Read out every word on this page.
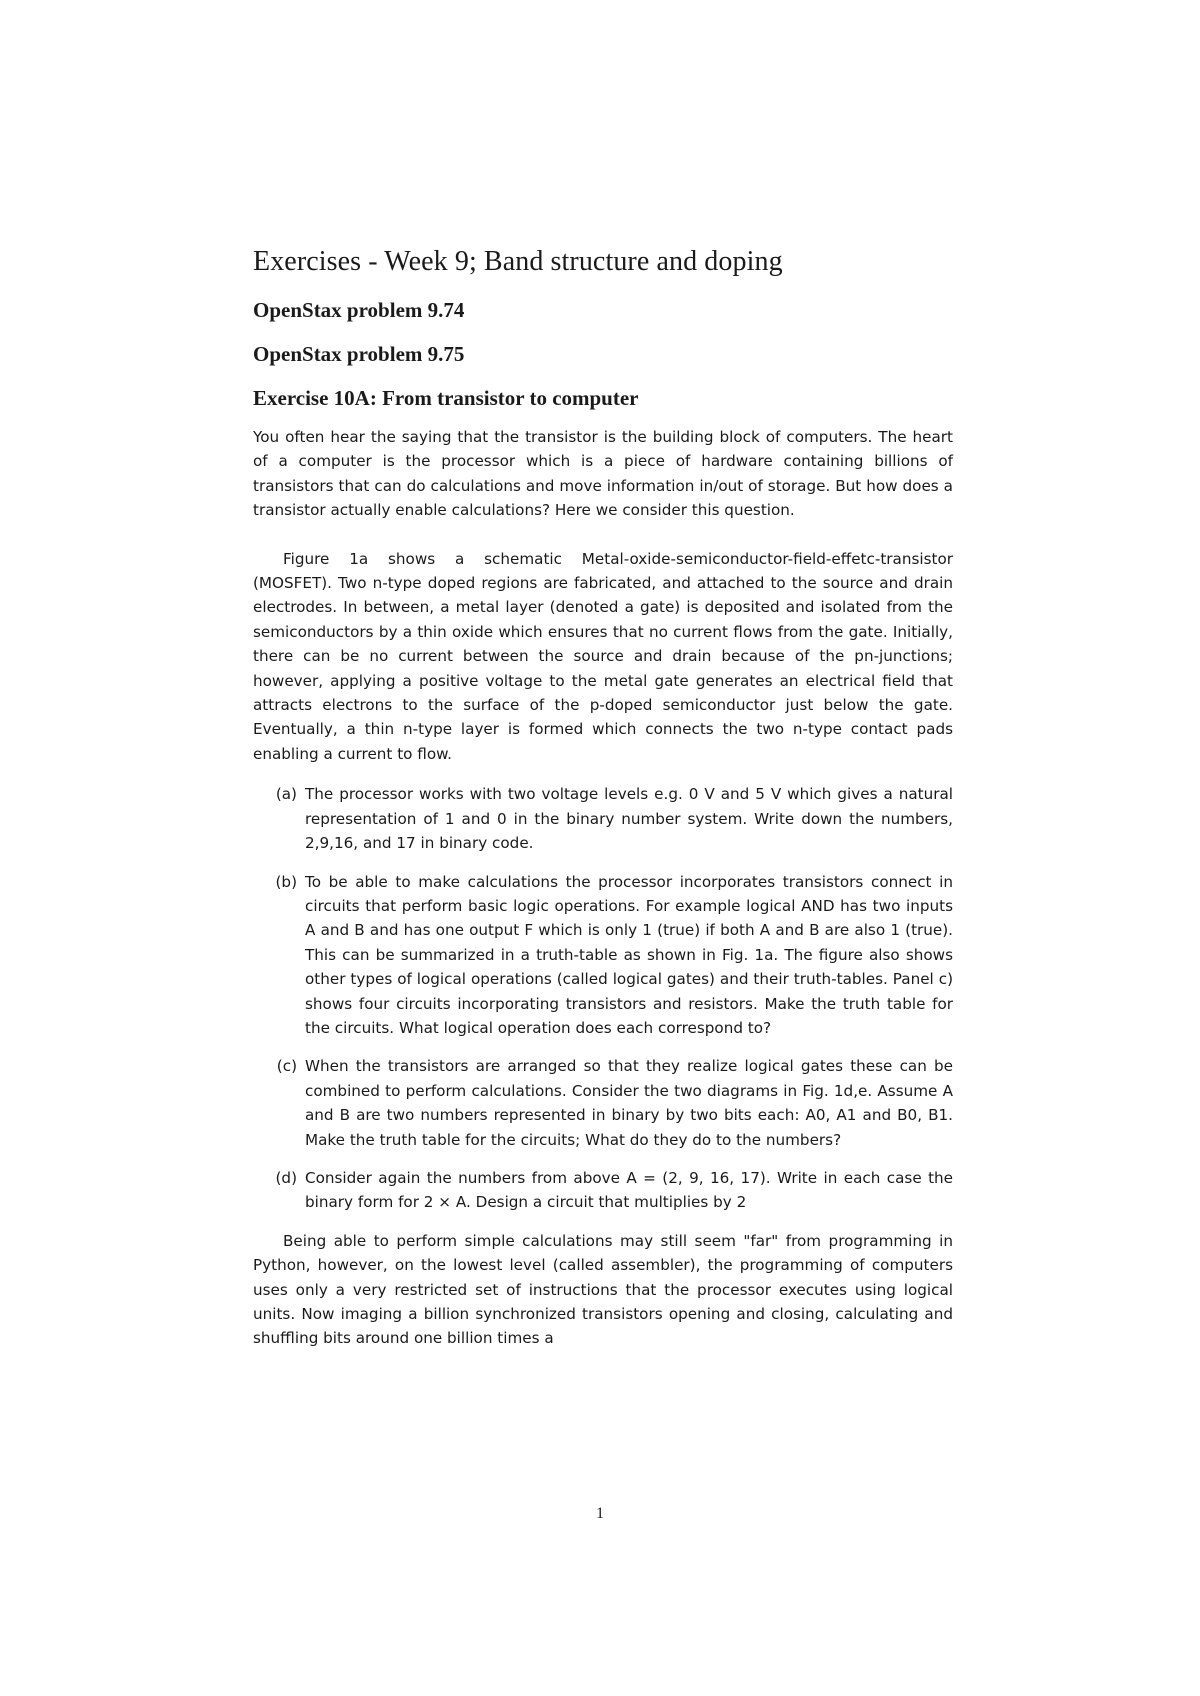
Exercises - Week 9; Band structure and doping
OpenStax problem 9.74
OpenStax problem 9.75
Exercise 10A: From transistor to computer

You often hear the saying that the transistor is the building block of computers. The heart of a computer is the processor which is a piece of hardware containing billions of transistors that can do calculations and move information in/out of storage. But how does a transistor actually enable calculations? Here we consider this question.

Figure 1a shows a schematic Metal-oxide-semiconductor-field-effetc-transistor (MOSFET). Two n-type doped regions are fabricated, and attached to the source and drain electrodes. In between, a metal layer (denoted a gate) is deposited and isolated from the semiconductors by a thin oxide which ensures that no current flows from the gate. Initially, there can be no current between the source and drain because of the pn-junctions; however, applying a positive voltage to the metal gate generates an electrical field that attracts electrons to the surface of the p-doped semiconductor just below the gate. Eventually, a thin n-type layer is formed which connects the two n-type contact pads enabling a current to flow.

(a) The processor works with two voltage levels e.g. 0 V and 5 V which gives a natural representation of 1 and 0 in the binary number system. Write down the numbers, 2,9,16, and 17 in binary code.

(b) To be able to make calculations the processor incorporates transistors connect in circuits that perform basic logic operations. For example logical AND has two inputs A and B and has one output F which is only 1 (true) if both A and B are also 1 (true). This can be summarized in a truth-table as shown in Fig. 1a. The figure also shows other types of logical operations (called logical gates) and their truth-tables. Panel c) shows four circuits incorporating transistors and resistors. Make the truth table for the circuits. What logical operation does each correspond to?

(c) When the transistors are arranged so that they realize logical gates these can be combined to perform calculations. Consider the two diagrams in Fig. 1d,e. Assume A and B are two numbers represented in binary by two bits each: A0, A1 and B0, B1. Make the truth table for the circuits; What do they do to the numbers?

(d) Consider again the numbers from above A = (2, 9, 16, 17). Write in each case the binary form for 2 × A. Design a circuit that multiplies by 2

Being able to perform simple calculations may still seem "far" from programming in Python, however, on the lowest level (called assembler), the programming of computers uses only a very restricted set of instructions that the processor executes using logical units. Now imaging a billion synchronized transistors opening and closing, calculating and shuffling bits around one billion times a

1
